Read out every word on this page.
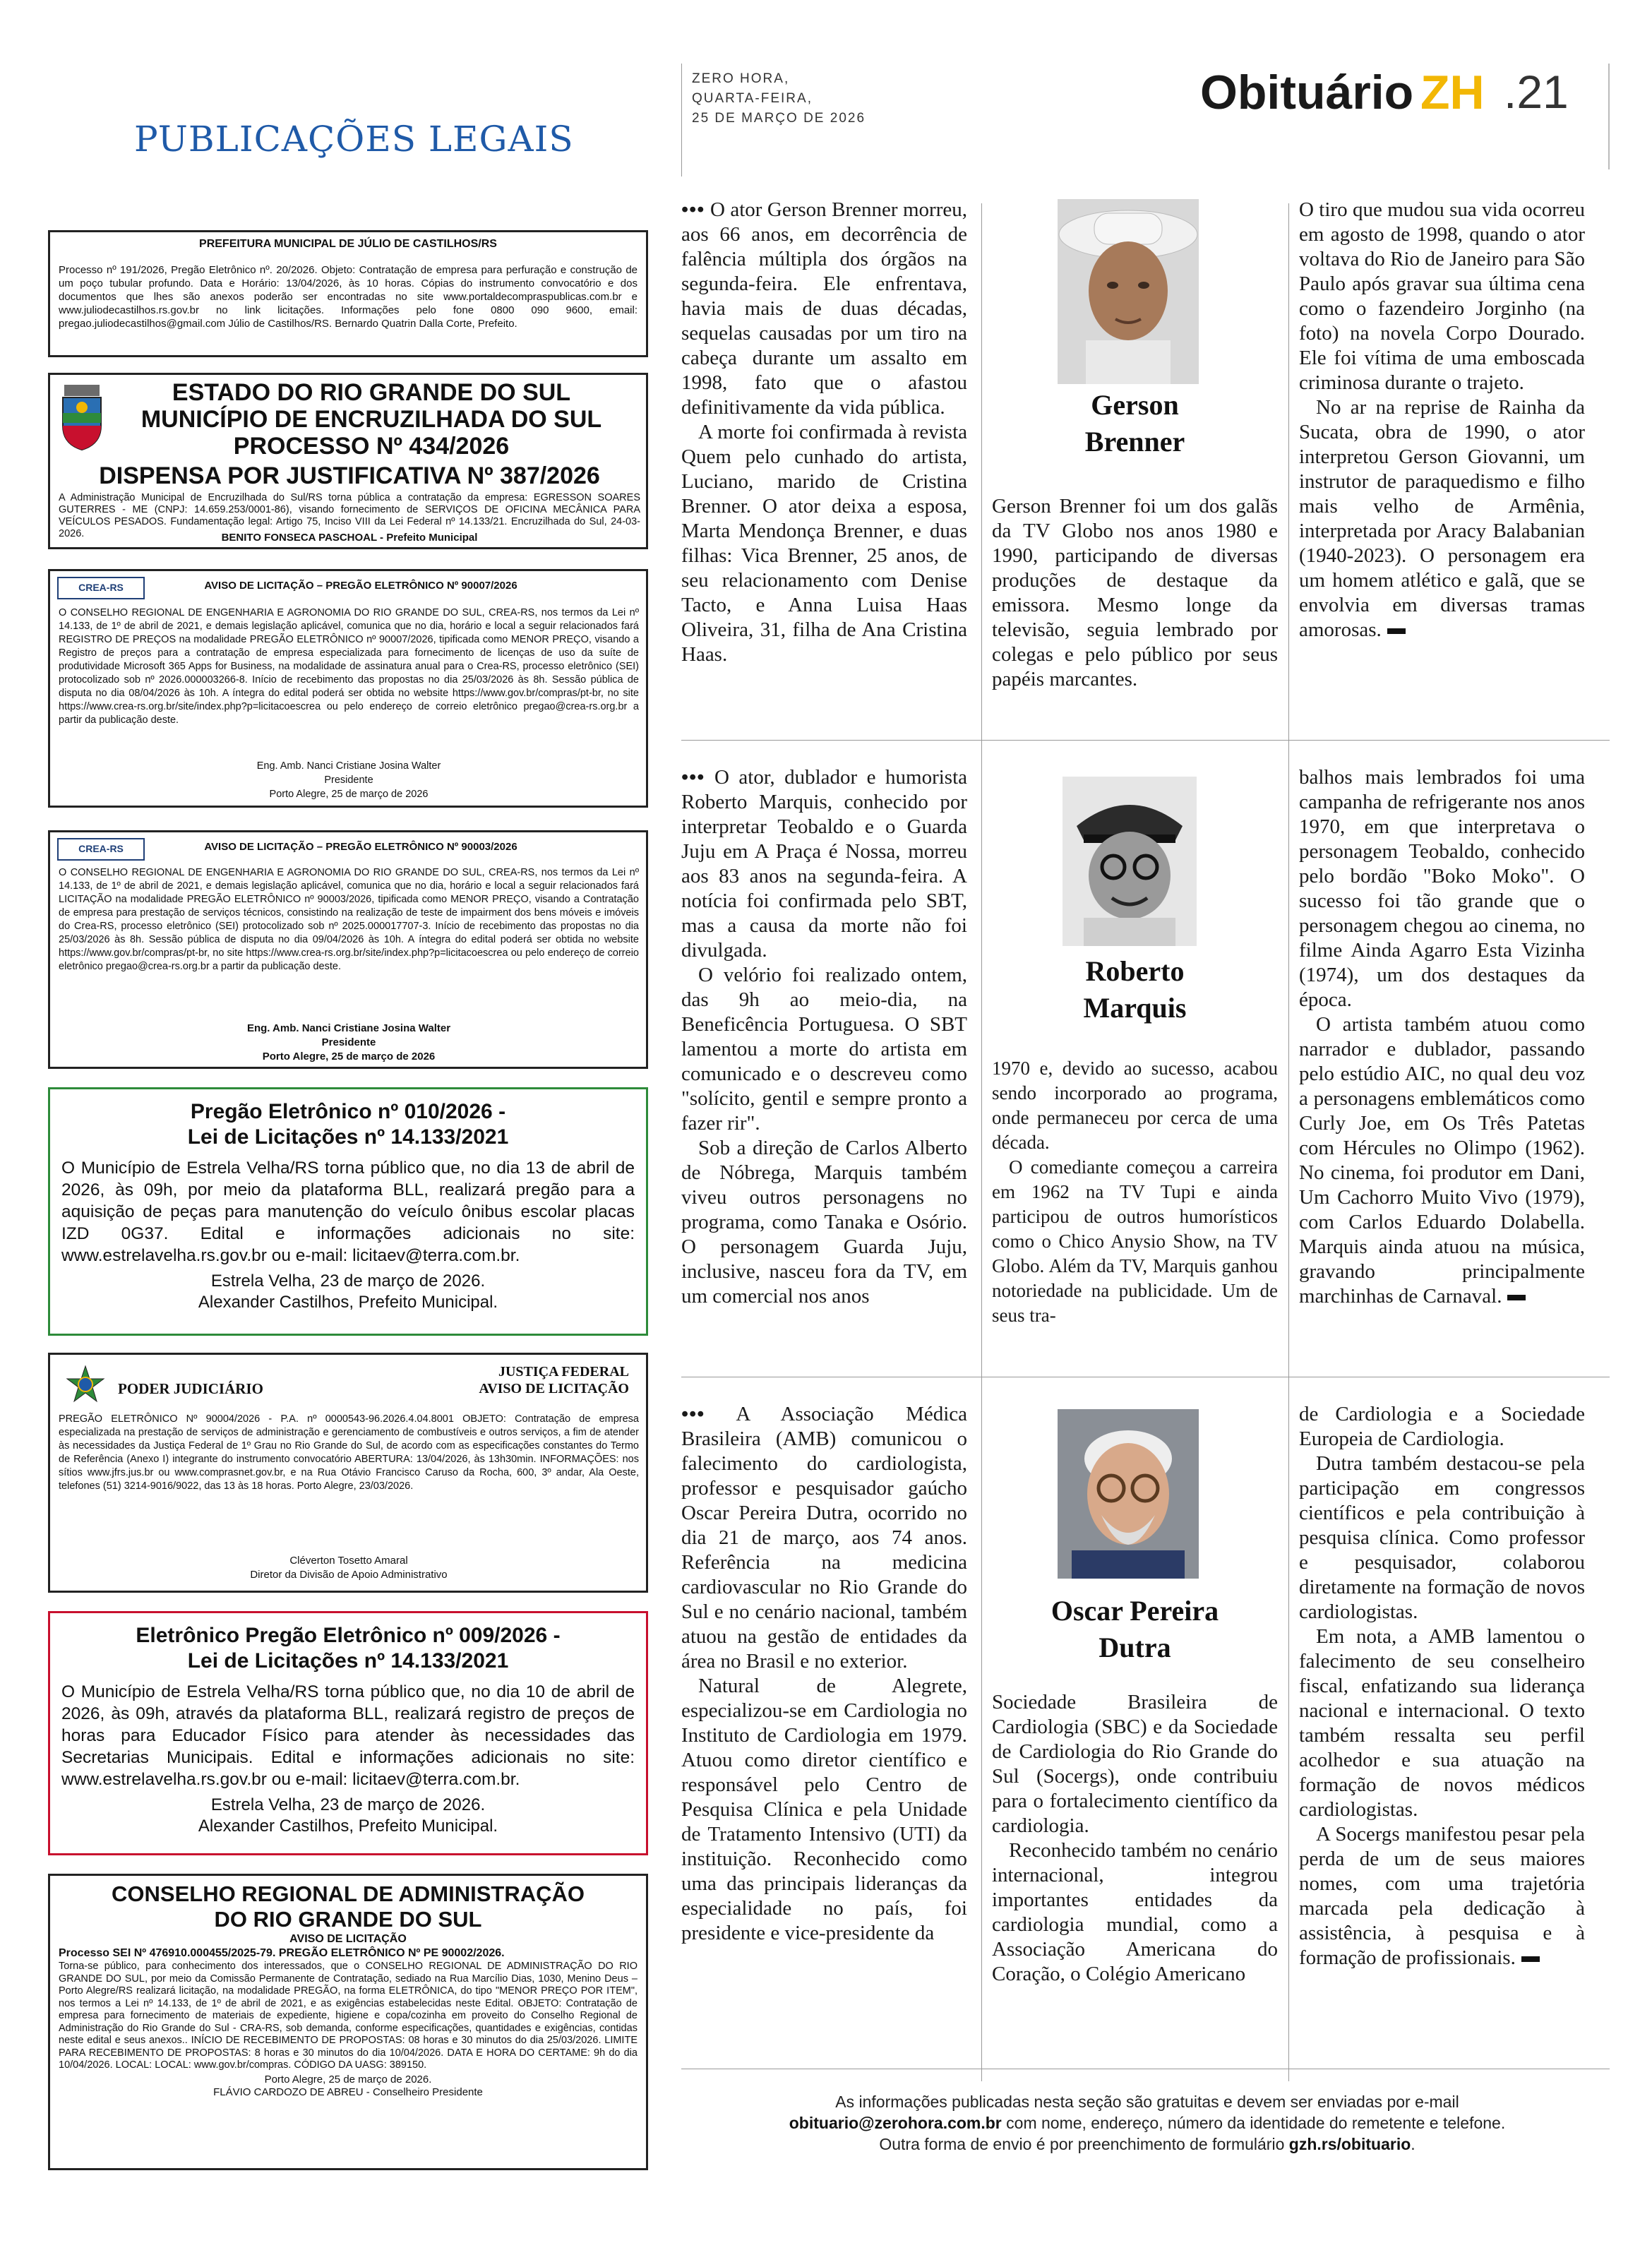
PUBLICAÇÕES LEGAIS
ZERO HORA,
QUARTA-FEIRA,
25 DE MARÇO DE 2026	Obituário ZH .21
PREFEITURA MUNICIPAL DE JÚLIO DE CASTILHOS/RS
Processo nº 191/2026, Pregão Eletrônico nº. 20/2026. Objeto: Contratação de empresa para perfuração e construção de um poço tubular profundo. Data e Horário: 13/04/2026, às 10 horas. Cópias do instrumento convocatório e dos documentos que lhes são anexos poderão ser encontradas no site www.portaldecompraspublicas.com.br e www.juliodecastilhos.rs.gov.br no link licitações. Informações pelo fone 0800 090 9600, email: pregao.juliodecastilhos@gmail.com Júlio de Castilhos/RS. Bernardo Quatrin Dalla Corte, Prefeito.
ESTADO DO RIO GRANDE DO SUL
MUNICÍPIO DE ENCRUZILHADA DO SUL
PROCESSO Nº 434/2026
DISPENSA POR JUSTIFICATIVA Nº 387/2026
A Administração Municipal de Encruzilhada do Sul/RS torna pública a contratação da empresa: EGRESSON SOARES GUTERRES - ME (CNPJ: 14.659.253/0001-86), visando fornecimento de SERVIÇOS DE OFICINA MECÂNICA PARA VEÍCULOS PESADOS. Fundamentação legal: Artigo 75, Inciso VIII da Lei Federal nº 14.133/21. Encruzilhada do Sul, 24-03-2026.	BENITO FONSECA PASCHOAL - Prefeito Municipal
CREA-RS	AVISO DE LICITAÇÃO – PREGÃO ELETRÔNICO Nº 90007/2026
O CONSELHO REGIONAL DE ENGENHARIA E AGRONOMIA DO RIO GRANDE DO SUL, CREA-RS, nos termos da Lei nº 14.133, de 1º de abril de 2021, e demais legislação aplicável, comunica que no dia, horário e local a seguir relacionados fará REGISTRO DE PREÇOS na modalidade PREGÃO ELETRÔNICO nº 90007/2026, tipificada como MENOR PREÇO, visando a Registro de preços para a contratação de empresa especializada para fornecimento de licenças de uso da suíte de produtividade Microsoft 365 Apps for Business, na modalidade de assinatura anual para o Crea-RS, processo eletrônico (SEI) protocolizado sob nº 2026.000003266-8. Início de recebimento das propostas no dia 25/03/2026 às 8h. Sessão pública de disputa no dia 08/04/2026 às 10h. A íntegra do edital poderá ser obtida no website https://www.gov.br/compras/pt-br, no site https://www.crea-rs.org.br/site/index.php?p=licitacoescrea ou pelo endereço de correio eletrônico pregao@crea-rs.org.br a partir da publicação deste.
Eng. Amb. Nanci Cristiane Josina Walter
Presidente
Porto Alegre, 25 de março de 2026
CREA-RS	AVISO DE LICITAÇÃO – PREGÃO ELETRÔNICO Nº 90003/2026
O CONSELHO REGIONAL DE ENGENHARIA E AGRONOMIA DO RIO GRANDE DO SUL, CREA-RS, nos termos da Lei nº 14.133, de 1º de abril de 2021, e demais legislação aplicável, comunica que no dia, horário e local a seguir relacionados fará LICITAÇÃO na modalidade PREGÃO ELETRÔNICO nº 90003/2026, tipificada como MENOR PREÇO, visando a Contratação de empresa para prestação de serviços técnicos, consistindo na realização de teste de impairment dos bens móveis e imóveis do Crea-RS, processo eletrônico (SEI) protocolizado sob nº 2025.000017707-3. Início de recebimento das propostas no dia 25/03/2026 às 8h. Sessão pública de disputa no dia 09/04/2026 às 10h. A íntegra do edital poderá ser obtida no website https://www.gov.br/compras/pt-br, no site https://www.crea-rs.org.br/site/index.php?p=licitacoescrea ou pelo endereço de correio eletrônico pregao@crea-rs.org.br a partir da publicação deste.
Eng. Amb. Nanci Cristiane Josina Walter
Presidente
Porto Alegre, 25 de março de 2026
Pregão Eletrônico nº 010/2026 -
Lei de Licitações nº 14.133/2021
O Município de Estrela Velha/RS torna público que, no dia 13 de abril de 2026, às 09h, por meio da plataforma BLL, realizará pregão para a aquisição de peças para manutenção do veículo ônibus escolar placas IZD 0G37. Edital e informações adicionais no site: www.estrelavelha.rs.gov.br ou e-mail: licitaev@terra.com.br.
Estrela Velha, 23 de março de 2026.
Alexander Castilhos, Prefeito Municipal.
PODER JUDICIÁRIO
JUSTIÇA FEDERAL
AVISO DE LICITAÇÃO
PREGÃO ELETRÔNICO Nº 90004/2026 - P.A. nº 0000543-96.2026.4.04.8001 OBJETO: Contratação de empresa especializada na prestação de serviços de administração e gerenciamento de combustíveis e outros serviços, a fim de atender às necessidades da Justiça Federal de 1º Grau no Rio Grande do Sul, de acordo com as especificações constantes do Termo de Referência (Anexo I) integrante do instrumento convocatório ABERTURA: 13/04/2026, às 13h30min. INFORMAÇÕES: nos sítios www.jfrs.jus.br ou www.comprasnet.gov.br, e na Rua Otávio Francisco Caruso da Rocha, 600, 3º andar, Ala Oeste, telefones (51) 3214-9016/9022, das 13 às 18 horas. Porto Alegre, 23/03/2026.
Cléverton Tosetto Amaral
Diretor da Divisão de Apoio Administrativo
Eletrônico Pregão Eletrônico nº 009/2026 -
Lei de Licitações nº 14.133/2021
O Município de Estrela Velha/RS torna público que, no dia 10 de abril de 2026, às 09h, através da plataforma BLL, realizará registro de preços de horas para Educador Físico para atender às necessidades das Secretarias Municipais. Edital e informações adicionais no site: www.estrelavelha.rs.gov.br ou e-mail: licitaev@terra.com.br.
Estrela Velha, 23 de março de 2026.
Alexander Castilhos, Prefeito Municipal.
CONSELHO REGIONAL DE ADMINISTRAÇÃO
DO RIO GRANDE DO SUL
AVISO DE LICITAÇÃO
Processo SEI Nº 476910.000455/2025-79. PREGÃO ELETRÔNICO Nº PE 90002/2026.
Torna-se público, para conhecimento dos interessados, que o CONSELHO REGIONAL DE ADMINISTRAÇÃO DO RIO GRANDE DO SUL, por meio da Comissão Permanente de Contratação, sediado na Rua Marcílio Dias, 1030, Menino Deus – Porto Alegre/RS realizará licitação, na modalidade PREGÃO, na forma ELETRÔNICA, do tipo "MENOR PREÇO POR ITEM", nos termos a Lei nº 14.133, de 1º de abril de 2021, e as exigências estabelecidas neste Edital. OBJETO: Contratação de empresa para fornecimento de materiais de expediente, higiene e copa/cozinha em proveito do Conselho Regional de Administração do Rio Grande do Sul - CRA-RS, sob demanda, conforme especificações, quantidades e exigências, contidas neste edital e seus anexos.. INÍCIO DE RECEBIMENTO DE PROPOSTAS: 08 horas e 30 minutos do dia 25/03/2026. LIMITE PARA RECEBIMENTO DE PROPOSTAS: 8 horas e 30 minutos do dia 10/04/2026. DATA E HORA DO CERTAME: 9h do dia 10/04/2026. LOCAL: LOCAL: www.gov.br/compras. CÓDIGO DA UASG: 389150.
Porto Alegre, 25 de março de 2026.
FLÁVIO CARDOZO DE ABREU - Conselheiro Presidente

••• O ator Gerson Brenner morreu, aos 66 anos, em decorrência de falência múltipla dos órgãos na segunda-feira. Ele enfrentava, havia mais de duas décadas, sequelas causadas por um tiro na cabeça durante um assalto em 1998, fato que o afastou definitivamente da vida pública.

A morte foi confirmada à revista Quem pelo cunhado do artista, Luciano, marido de Cristina Brenner. O ator deixa a esposa, Marta Mendonça Brenner, e duas filhas: Vica Brenner, 25 anos, de seu relacionamento com Denise Tacto, e Anna Luisa Haas Oliveira, 31, filha de Ana Cristina Haas.

Gerson
Brenner

Gerson Brenner foi um dos galãs da TV Globo nos anos 1980 e 1990, participando de diversas produções de destaque da emissora. Mesmo longe da televisão, seguia lembrado por colegas e pelo público por seus papéis marcantes.

O tiro que mudou sua vida ocorreu em agosto de 1998, quando o ator voltava do Rio de Janeiro para São Paulo após gravar sua última cena como o fazendeiro Jorginho (na foto) na novela Corpo Dourado. Ele foi vítima de uma emboscada criminosa durante o trajeto.

No ar na reprise de Rainha da Sucata, obra de 1990, o ator interpretou Gerson Giovanni, um instrutor de paraquedismo e filho mais velho de Armênia, interpretada por Aracy Balabanian (1940-2023). O personagem era um homem atlético e galã, que se envolvia em diversas tramas amorosas.

••• O ator, dublador e humorista Roberto Marquis, conhecido por interpretar Teobaldo e o Guarda Juju em A Praça é Nossa, morreu aos 83 anos na segunda-feira. A notícia foi confirmada pelo SBT, mas a causa da morte não foi divulgada.

O velório foi realizado ontem, das 9h ao meio-dia, na Beneficência Portuguesa. O SBT lamentou a morte do artista em comunicado e o descreveu como "solícito, gentil e sempre pronto a fazer rir".

Sob a direção de Carlos Alberto de Nóbrega, Marquis também viveu outros personagens no programa, como Tanaka e Osório. O personagem Guarda Juju, inclusive, nasceu fora da TV, em um comercial nos anos

Roberto
Marquis

1970 e, devido ao sucesso, acabou sendo incorporado ao programa, onde permaneceu por cerca de uma década.

O comediante começou a carreira em 1962 na TV Tupi e ainda participou de outros humorísticos como o Chico Anysio Show, na TV Globo. Além da TV, Marquis ganhou notoriedade na publicidade. Um de seus tra-

balhos mais lembrados foi uma campanha de refrigerante nos anos 1970, em que interpretava o personagem Teobaldo, conhecido pelo bordão "Boko Moko". O sucesso foi tão grande que o personagem chegou ao cinema, no filme Ainda Agarro Esta Vizinha (1974), um dos destaques da época.

O artista também atuou como narrador e dublador, passando pelo estúdio AIC, no qual deu voz a personagens emblemáticos como Curly Joe, em Os Três Patetas com Hércules no Olimpo (1962). No cinema, foi produtor em Dani, Um Cachorro Muito Vivo (1979), com Carlos Eduardo Dolabella. Marquis ainda atuou na música, gravando principalmente marchinhas de Carnaval.

••• A Associação Médica Brasileira (AMB) comunicou o falecimento do cardiologista, professor e pesquisador gaúcho Oscar Pereira Dutra, ocorrido no dia 21 de março, aos 74 anos. Referência na medicina cardiovascular no Rio Grande do Sul e no cenário nacional, também atuou na gestão de entidades da área no Brasil e no exterior.

Natural de Alegrete, especializou-se em Cardiologia no Instituto de Cardiologia em 1979. Atuou como diretor científico e responsável pelo Centro de Pesquisa Clínica e pela Unidade de Tratamento Intensivo (UTI) da instituição. Reconhecido como uma das principais lideranças da especialidade no país, foi presidente e vice-presidente da

Oscar Pereira
Dutra

Sociedade Brasileira de Cardiologia (SBC) e da Sociedade de Cardiologia do Rio Grande do Sul (Socergs), onde contribuiu para o fortalecimento científico da cardiologia.

Reconhecido também no cenário internacional, integrou importantes entidades da cardiologia mundial, como a Associação Americana do Coração, o Colégio Americano

de Cardiologia e a Sociedade Europeia de Cardiologia.

Dutra também destacou-se pela participação em congressos científicos e pela contribuição à pesquisa clínica. Como professor e pesquisador, colaborou diretamente na formação de novos cardiologistas.

Em nota, a AMB lamentou o falecimento de seu conselheiro fiscal, enfatizando sua liderança nacional e internacional. O texto também ressalta seu perfil acolhedor e sua atuação na formação de novos médicos cardiologistas.

A Socergs manifestou pesar pela perda de um de seus maiores nomes, com uma trajetória marcada pela dedicação à assistência, à pesquisa e à formação de profissionais.

As informações publicadas nesta seção são gratuitas e devem ser enviadas por e-mail
obituario@zerohora.com.br com nome, endereço, número da identidade do remetente e telefone.
Outra forma de envio é por preenchimento de formulário gzh.rs/obituario.
